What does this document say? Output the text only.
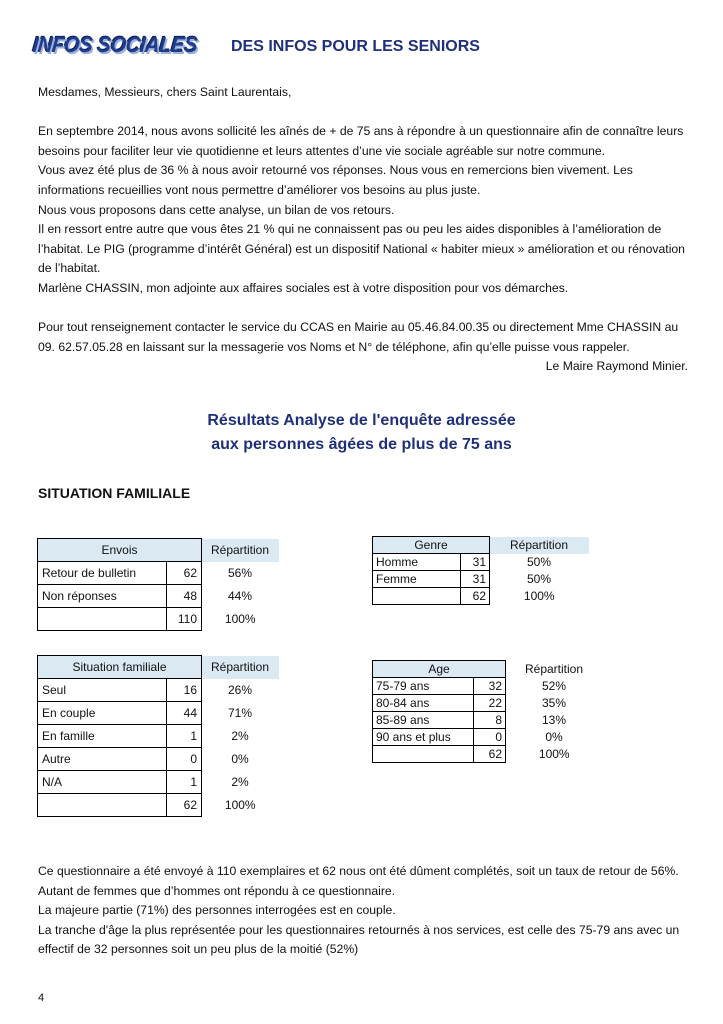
INFOS SOCIALES DES INFOS POUR LES SENIORS

Mesdames, Messieurs, chers Saint Laurentais,

En septembre 2014, nous avons sollicité les aînés de + de 75 ans à répondre à un questionnaire afin de connaître leurs besoins pour faciliter leur vie quotidienne et leurs attentes d’une vie sociale agréable sur notre commune.

Vous avez été plus de 36 % à nous avoir retourné vos réponses. Nous vous en remercions bien vivement. Les informations recueillies vont nous permettre d’améliorer vos besoins au plus juste.

Nous vous proposons dans cette analyse, un bilan de vos retours.

Il en ressort entre autre que vous êtes 21 % qui ne connaissent pas ou peu les aides disponibles à l’amélioration de l’habitat. Le PIG (programme d’intérêt Général) est un dispositif National « habiter mieux » amélioration et ou rénovation de l’habitat.

Marlène CHASSIN, mon adjointe aux affaires sociales est à votre disposition pour vos démarches.

Pour tout renseignement contacter le service du CCAS en Mairie au 05.46.84.00.35 ou directement Mme CHASSIN au 09. 62.57.05.28 en laissant sur la messagerie vos Noms et N° de téléphone, afin qu’elle puisse vous rappeler.

Le Maire Raymond Minier.

Résultats Analyse de l'enquête adressée
aux personnes âgées de plus de 75 ans
SITUATION FAMILIALE
Envois		Répartition
Retour de bulletin	62	56%
Non réponses	48	44%
	110	100%
Genre		Répartition
Homme	31	50%
Femme	31	50%
	62	100%
Situation familiale		Répartition
Seul	16	26%
En couple	44	71%
En famille	1	2%
Autre	0	0%
N/A	1	2%
	62	100%
Age		Répartition
75-79 ans	32	52%
80-84 ans	22	35%
85-89 ans	8	13%
90 ans et plus	0	0%
	62	100%

Ce questionnaire a été envoyé à 110 exemplaires et 62 nous ont été dûment complétés, soit un taux de retour de 56%.

Autant de femmes que d’hommes ont répondu à ce questionnaire.

La majeure partie (71%) des personnes interrogées est en couple.

La tranche d'âge la plus représentée pour les questionnaires retournés à nos services, est celle des 75-79 ans avec un effectif de 32 personnes soit un peu plus de la moitié (52%)

4
